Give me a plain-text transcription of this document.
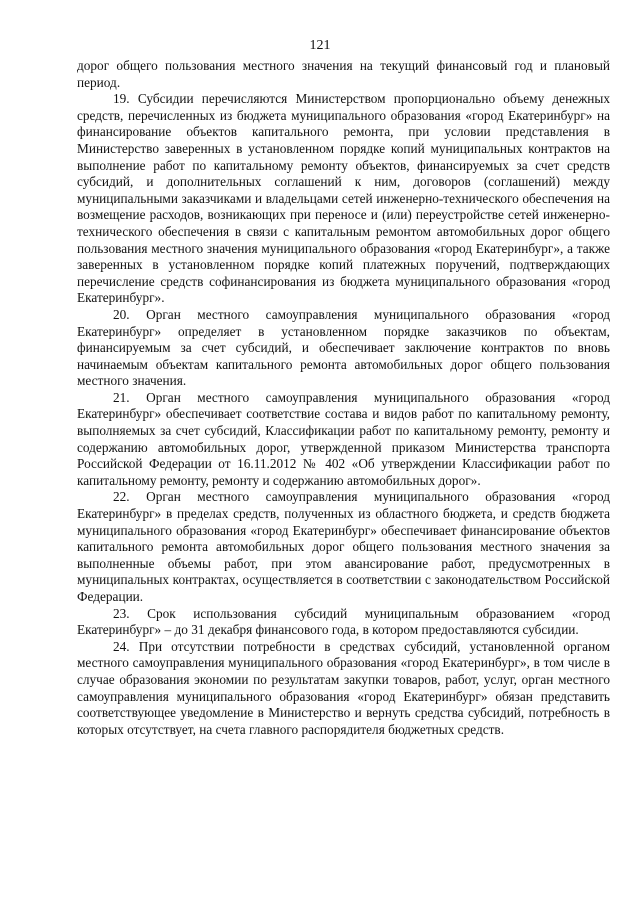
121

дорог общего пользования местного значения на текущий финансовый год и плановый период.

19. Субсидии перечисляются Министерством пропорционально объему денежных средств, перечисленных из бюджета муниципального образования «город Екатеринбург» на финансирование объектов капитального ремонта, при условии представления в Министерство заверенных в установленном порядке копий муниципальных контрактов на выполнение работ по капитальному ремонту объектов, финансируемых за счет средств субсидий, и дополнительных соглашений к ним, договоров (соглашений) между муниципальными заказчиками и владельцами сетей инженерно-технического обеспечения на возмещение расходов, возникающих при переносе и (или) переустройстве сетей инженерно-технического обеспечения в связи с капитальным ремонтом автомобильных дорог общего пользования местного значения муниципального образования «город Екатеринбург», а также заверенных в установленном порядке копий платежных поручений, подтверждающих перечисление средств софинансирования из бюджета муниципального образования «город Екатеринбург».

20. Орган местного самоуправления муниципального образования «город Екатеринбург» определяет в установленном порядке заказчиков по объектам, финансируемым за счет субсидий, и обеспечивает заключение контрактов по вновь начинаемым объектам капитального ремонта автомобильных дорог общего пользования местного значения.

21. Орган местного самоуправления муниципального образования «город Екатеринбург» обеспечивает соответствие состава и видов работ по капитальному ремонту, выполняемых за счет субсидий, Классификации работ по капитальному ремонту, ремонту и содержанию автомобильных дорог, утвержденной приказом Министерства транспорта Российской Федерации от 16.11.2012 № 402 «Об утверждении Классификации работ по капитальному ремонту, ремонту и содержанию автомобильных дорог».

22. Орган местного самоуправления муниципального образования «город Екатеринбург» в пределах средств, полученных из областного бюджета, и средств бюджета муниципального образования «город Екатеринбург» обеспечивает финансирование объектов капитального ремонта автомобильных дорог общего пользования местного значения за выполненные объемы работ, при этом авансирование работ, предусмотренных в муниципальных контрактах, осуществляется в соответствии с законодательством Российской Федерации.

23. Срок использования субсидий муниципальным образованием «город Екатеринбург» – до 31 декабря финансового года, в котором предоставляются субсидии.

24. При отсутствии потребности в средствах субсидий, установленной органом местного самоуправления муниципального образования «город Екатеринбург», в том числе в случае образования экономии по результатам закупки товаров, работ, услуг, орган местного самоуправления муниципального образования «город Екатеринбург» обязан представить соответствующее уведомление в Министерство и вернуть средства субсидий, потребность в которых отсутствует, на счета главного распорядителя бюджетных средств.
